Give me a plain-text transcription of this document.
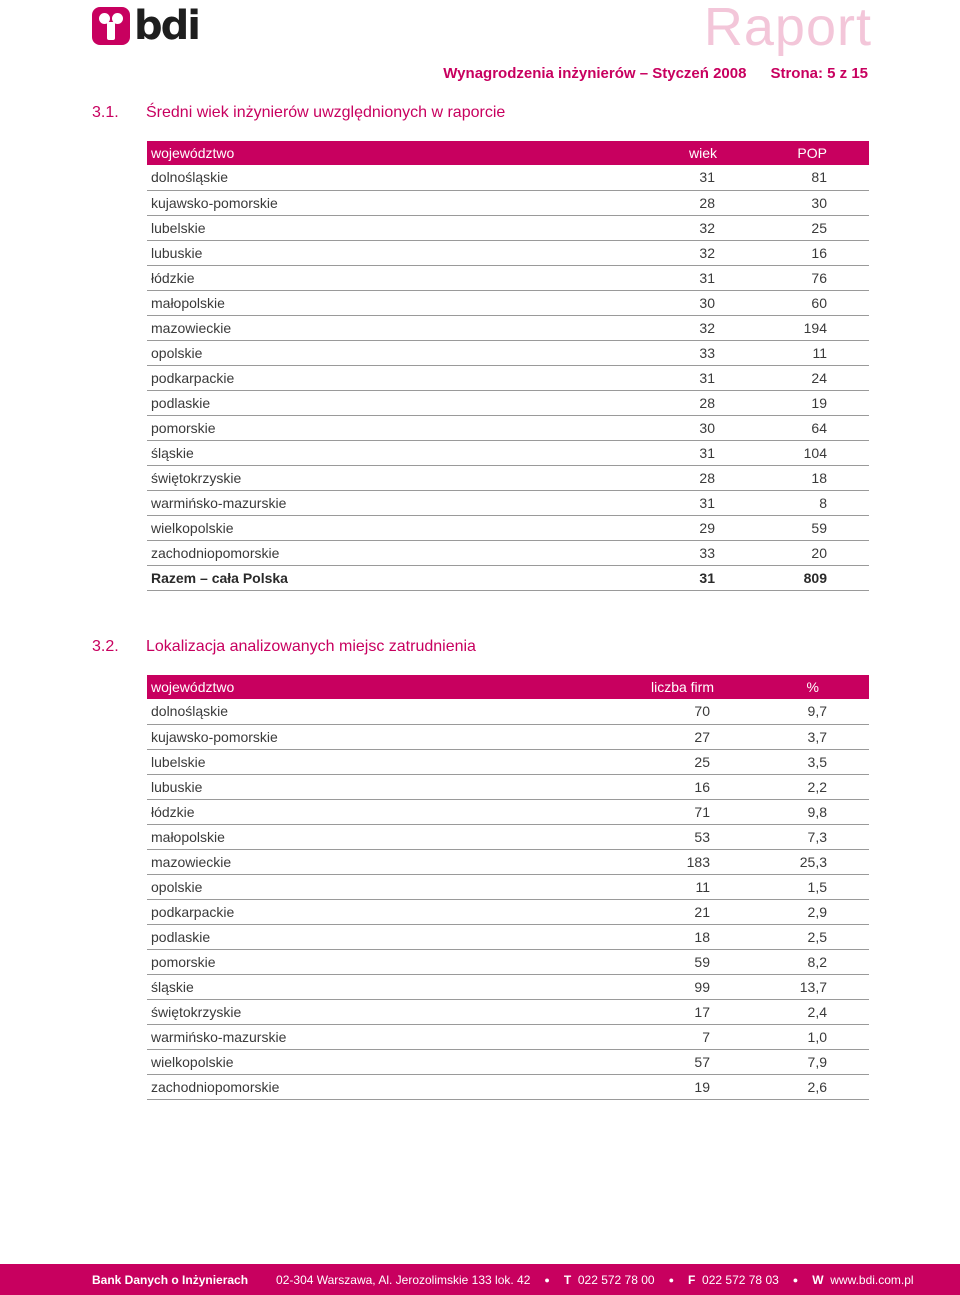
bdi	Raport
Wynagrodzenia inżynierów – Styczeń 2008 Strona: 5 z 15
3.1. Średni wiek inżynierów uwzględnionych w raporcie
województwo	wiek	POP
dolnośląskie	31	81
kujawsko-pomorskie	28	30
lubelskie	32	25
lubuskie	32	16
łódzkie	31	76
małopolskie	30	60
mazowieckie	32	194
opolskie	33	11
podkarpackie	31	24
podlaskie	28	19
pomorskie	30	64
śląskie	31	104
świętokrzyskie	28	18
warmińsko-mazurskie	31	8
wielkopolskie	29	59
zachodniopomorskie	33	20
Razem – cała Polska	31	809
3.2. Lokalizacja analizowanych miejsc zatrudnienia
województwo	liczba firm	%
dolnośląskie	70	9,7
kujawsko-pomorskie	27	3,7
lubelskie	25	3,5
lubuskie	16	2,2
łódzkie	71	9,8
małopolskie	53	7,3
mazowieckie	183	25,3
opolskie	11	1,5
podkarpackie	21	2,9
podlaskie	18	2,5
pomorskie	59	8,2
śląskie	99	13,7
świętokrzyskie	17	2,4
warmińsko-mazurskie	7	1,0
wielkopolskie	57	7,9
zachodniopomorskie	19	2,6
Bank Danych o Inżynierach 02-304 Warszawa, Al. Jerozolimskie 133 lok. 42 ● T
022 572 78 00 ● F
022 572 78 03 ● W
www.bdi.com.pl
